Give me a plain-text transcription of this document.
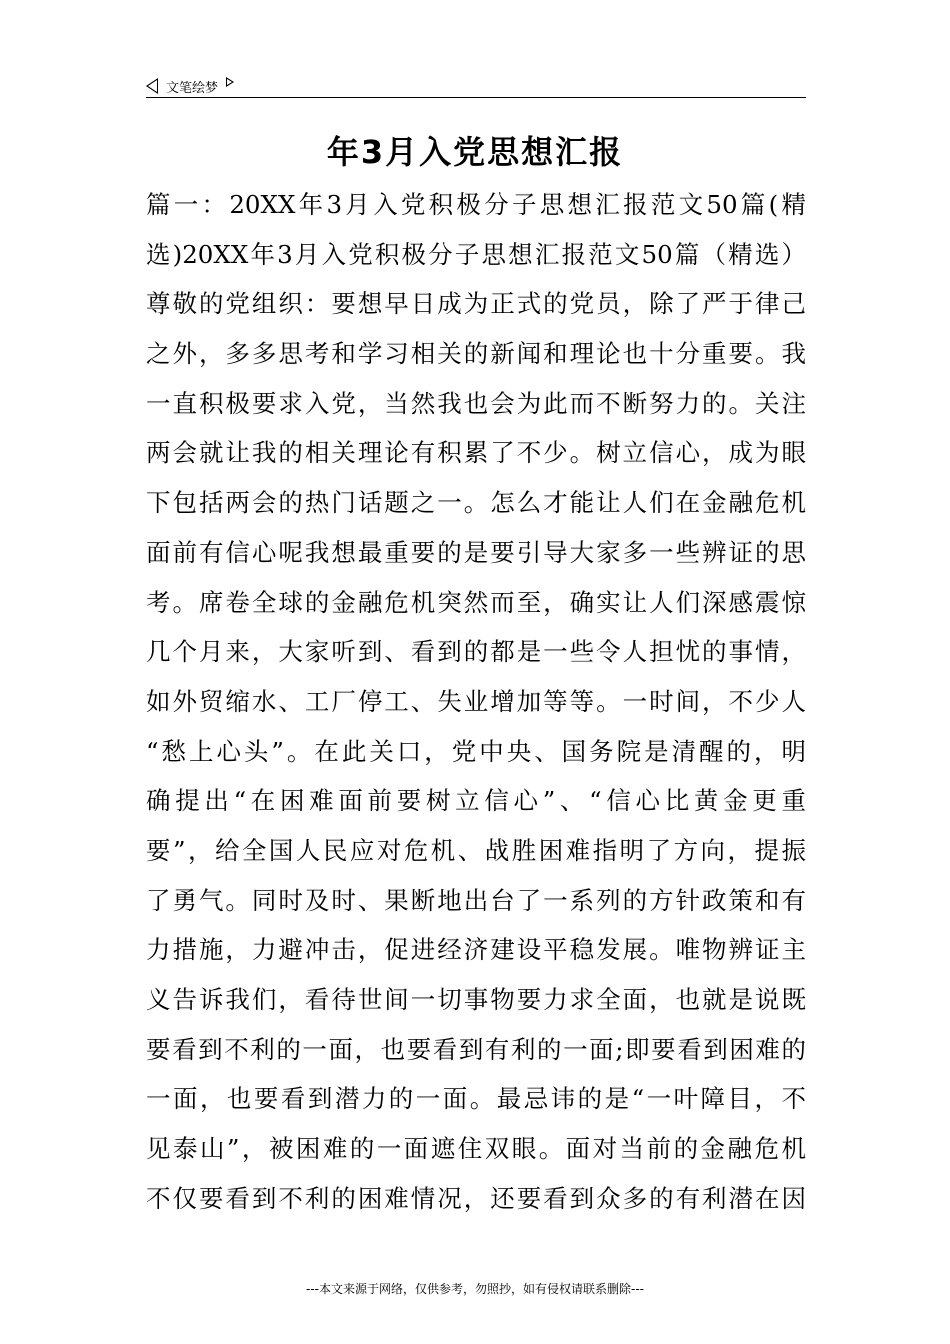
文笔绘梦
年3月入党思想汇报
篇一：20XX年3月入党积极分子思想汇报范文50篇(精
选)20XX年3月入党积极分子思想汇报范文50篇（精选）
尊敬的党组织：要想早日成为正式的党员，除了严于律己
之外，多多思考和学习相关的新闻和理论也十分重要。我
一直积极要求入党，当然我也会为此而不断努力的。关注
两会就让我的相关理论有积累了不少。树立信心，成为眼
下包括两会的热门话题之一。怎么才能让人们在金融危机
面前有信心呢我想最重要的是要引导大家多一些辨证的思
考。席卷全球的金融危机突然而至，确实让人们深感震惊
几个月来，大家听到、看到的都是一些令人担忧的事情，
如外贸缩水、工厂停工、失业增加等等。一时间，不少人
“愁上心头”。在此关口，党中央、国务院是清醒的，明
确提出“在困难面前要树立信心”、“信心比黄金更重
要”，给全国人民应对危机、战胜困难指明了方向，提振
了勇气。同时及时、果断地出台了一系列的方针政策和有
力措施，力避冲击，促进经济建设平稳发展。唯物辨证主
义告诉我们，看待世间一切事物要力求全面，也就是说既
要看到不利的一面，也要看到有利的一面;即要看到困难的
一面，也要看到潜力的一面。最忌讳的是“一叶障目，不
见泰山”，被困难的一面遮住双眼。面对当前的金融危机
不仅要看到不利的困难情况，还要看到众多的有利潜在因
---本文来源于网络，仅供参考，勿照抄，如有侵权请联系删除---
